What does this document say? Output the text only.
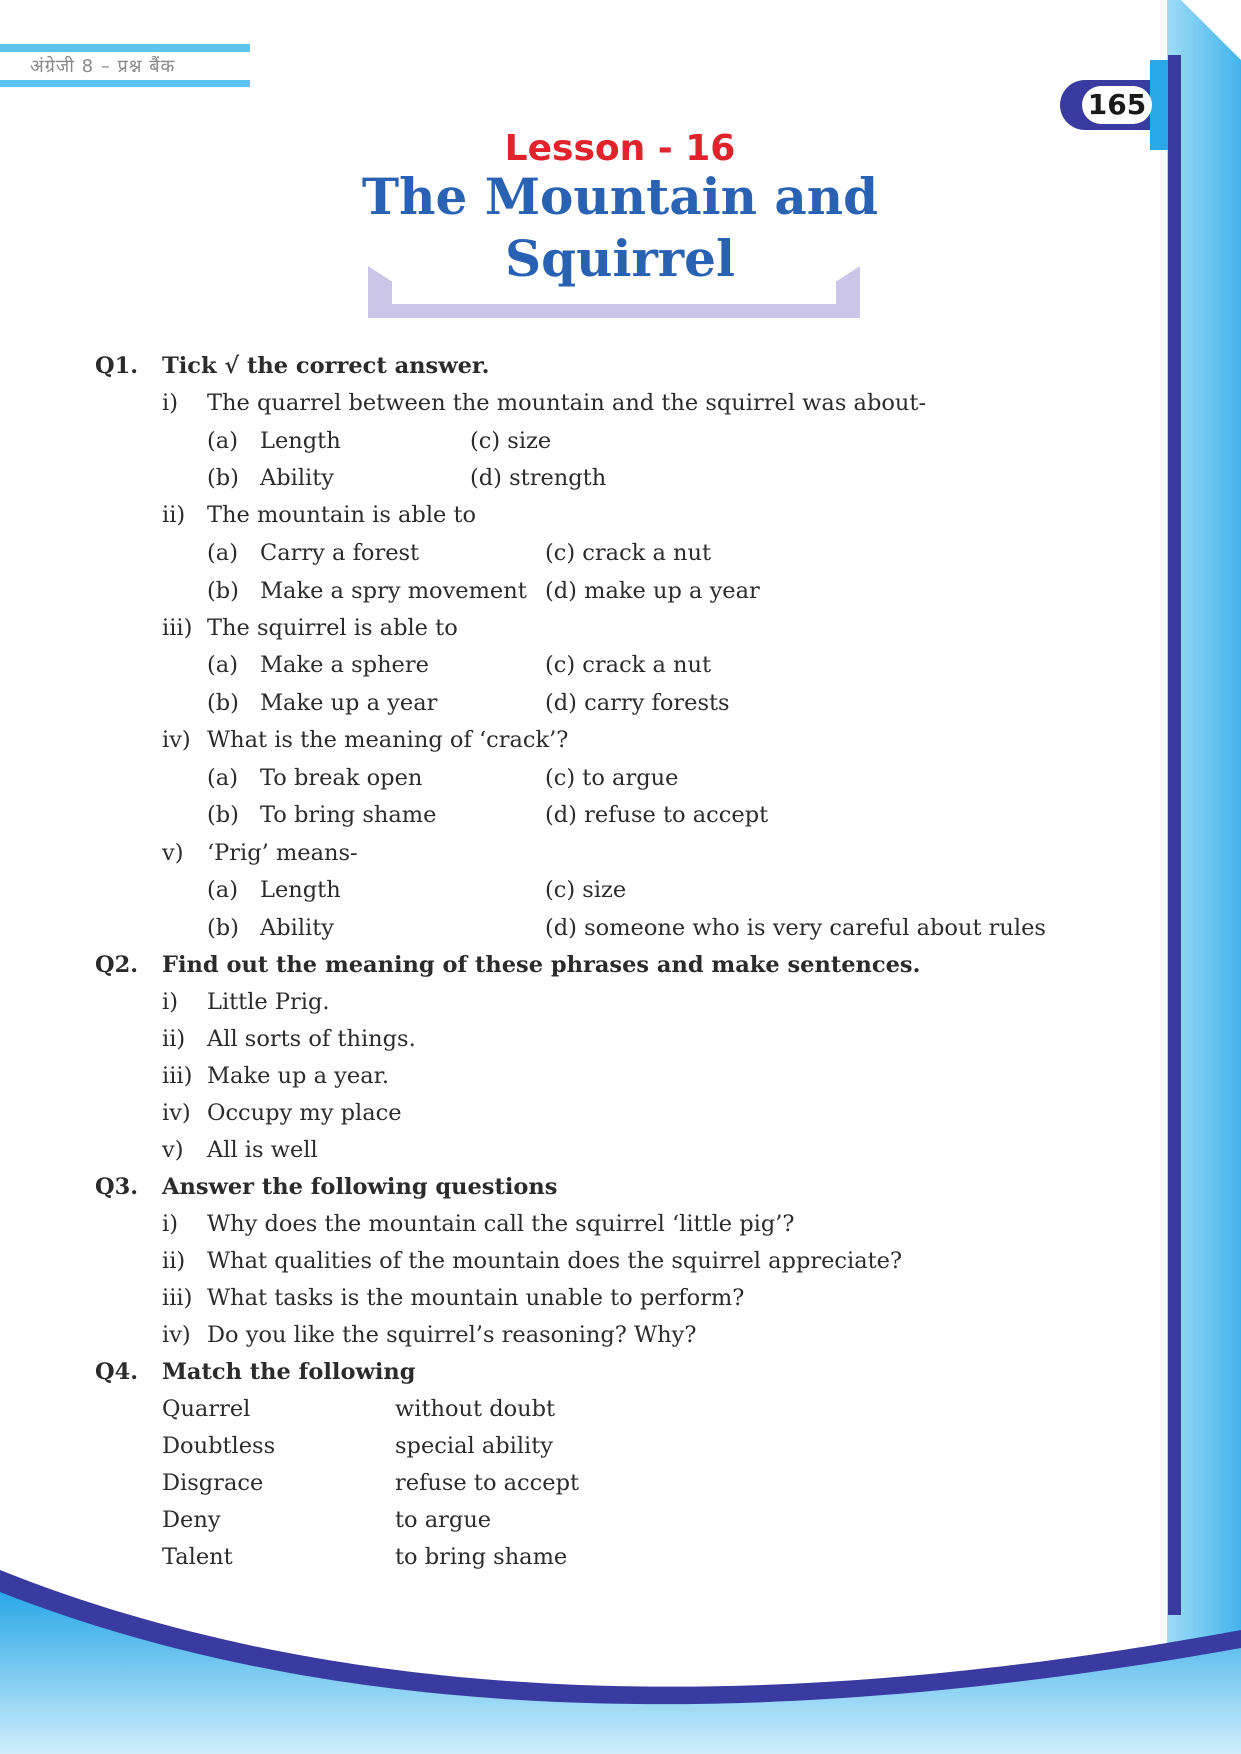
अंग्रेजी 8 – प्रश्न बैंक
165
Lesson - 16
The Mountain and
Squirrel
Q1. Tick √ the correct answer.
i) The quarrel between the mountain and the squirrel was about-
(a) Length	(c) size
(b) Ability	(d) strength
ii) The mountain is able to
(a) Carry a forest	(c) crack a nut
(b) Make a spry movement (d) make up a year
iii) The squirrel is able to
(a) Make a sphere	(c) crack a nut
(b) Make up a year	(d) carry forests
iv) What is the meaning of ‘crack’?
(a) To break open	(c) to argue
(b) To bring shame	(d) refuse to accept
v) ‘Prig’ means-
(a) Length	(c) size
(b) Ability	(d) someone who is very careful about rules
Q2. Find out the meaning of these phrases and make sentences.
i) Little Prig.
ii) All sorts of things.
iii) Make up a year.
iv) Occupy my place
v) All is well
Q3. Answer the following questions
i) Why does the mountain call the squirrel ‘little pig’?
ii) What qualities of the mountain does the squirrel appreciate?
iii) What tasks is the mountain unable to perform?
iv) Do you like the squirrel’s reasoning? Why?
Q4. Match the following
Quarrel	without doubt
Doubtless	special ability
Disgrace	refuse to accept
Deny	to argue
Talent	to bring shame
